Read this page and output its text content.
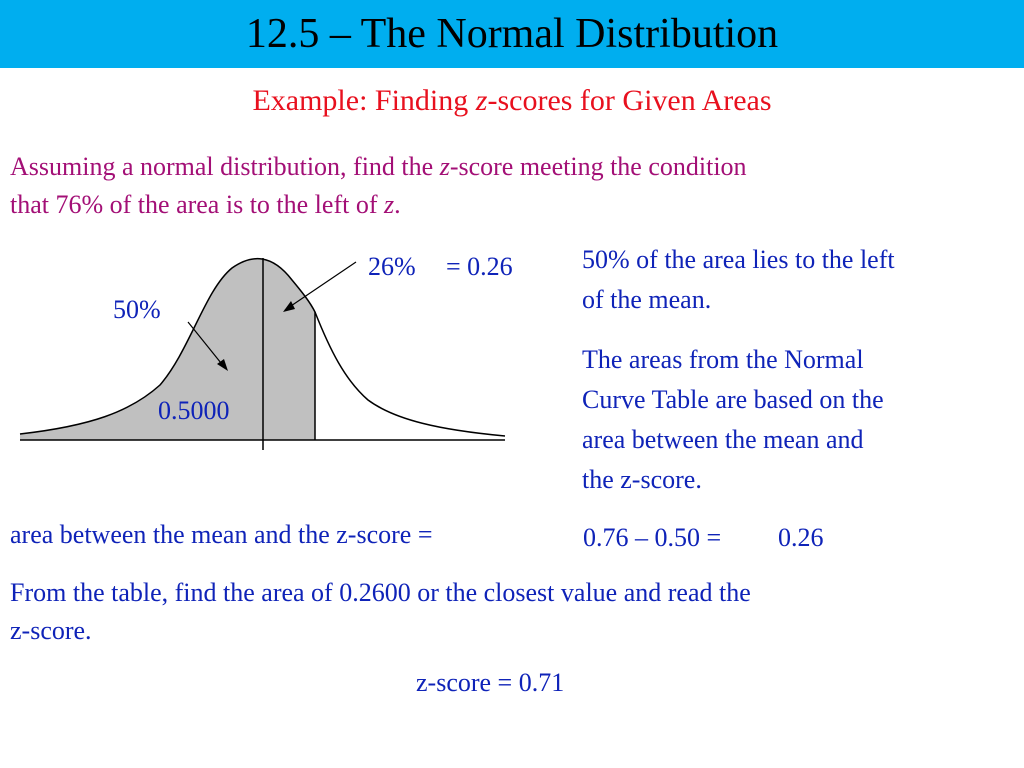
12.5 – The Normal Distribution
Example: Finding z-scores for Given Areas
Assuming a normal distribution, find the z-score meeting the condition
that 76% of the area is to the left of z.
26% = 0.26
50%
0.5000
50% of the area lies to the left
of the mean.
The areas from the Normal
Curve Table are based on the
area between the mean and
the z-score.
area between the mean and the z-score =	0.76 – 0.50 = 0.26
From the table, find the area of 0.2600 or the closest value and read the
z-score.
z-score = 0.71
